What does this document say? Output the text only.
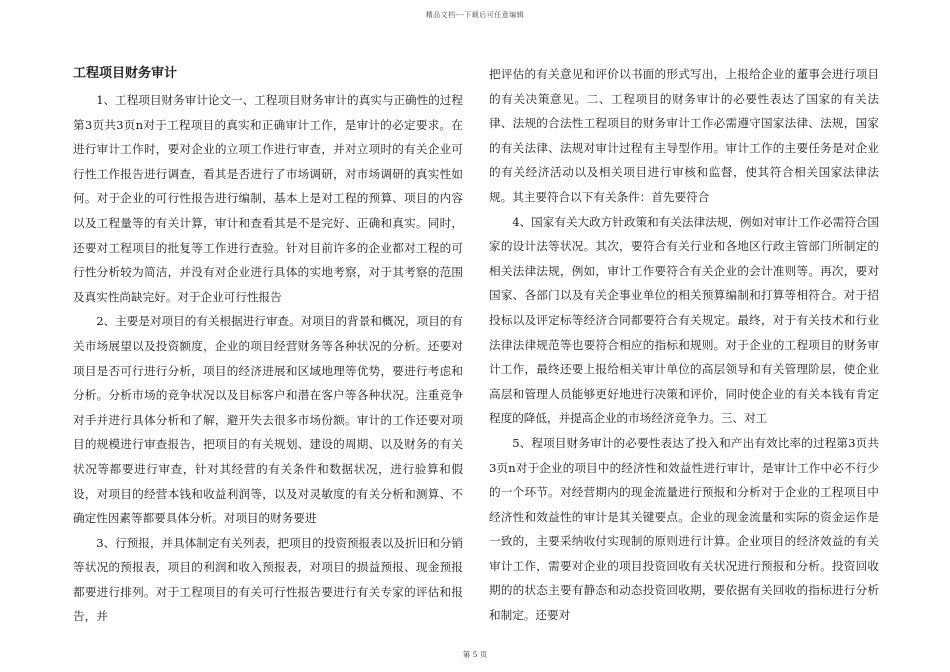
精品文档---下载后可任意编辑
工程项目财务审计

1、工程项目财务审计论文一、工程项目财务审计的真实与正确性的过程第3页共3页n对于工程项目的真实和正确审计工作，是审计的必定要求。在进行审计工作时，要对企业的立项工作进行审查，并对立项时的有关企业可行性工作报告进行调查，看其是否进行了市场调研，对市场调研的真实性如何。对于企业的可行性报告进行编制，基本上是对工程的预算、项目的内容以及工程量等的有关计算，审计和查看其是不是完好、正确和真实。同时，还要对工程项目的批复等工作进行查验。针对目前许多的企业都对工程的可行性分析较为简洁，并没有对企业进行具体的实地考察，对于其考察的范围及真实性尚缺完好。对于企业可行性报告

2、主要是对项目的有关根据进行审查。对项目的背景和概况，项目的有关市场展望以及投资额度，企业的项目经营财务等各种状况的分析。还要对项目是否可行进行分析，项目的经济进展和区域地理等优势，要进行考虑和分析。分析市场的竞争状况以及目标客户和潜在客户等各种状况。注重竞争对手并进行具体分析和了解，避开失去很多市场份额。审计的工作还要对项目的规模进行审查报告，把项目的有关规划、建设的周期、以及财务的有关状况等都要进行审查，针对其经营的有关条件和数据状况，进行验算和假设，对项目的经营本钱和收益利润等，以及对灵敏度的有关分析和测算、不确定性因素等都要具体分析。对项目的财务要进

3、行预报，并具体制定有关列表，把项目的投资预报表以及折旧和分销等状况的预报表，项目的利润和收入预报表，对项目的损益预报、现金预报都要进行排列。对于工程项目的有关可行性报告要进行有关专家的评估和报告，并

把评估的有关意见和评价以书面的形式写出，上报给企业的董事会进行项目的有关决策意见。二、工程项目的财务审计的必要性表达了国家的有关法律、法规的合法性工程项目的财务审计工作必需遵守国家法律、法规，国家的有关法律、法规对审计过程有主导型作用。审计工作的主要任务是对企业的有关经济活动以及相关项目进行审核和监督，使其符合相关国家法律法规。其主要符合以下有关条件：首先要符合

4、国家有关大政方针政策和有关法律法规，例如对审计工作必需符合国家的设计法等状况。其次，要符合有关行业和各地区行政主管部门所制定的相关法律法规，例如，审计工作要符合有关企业的会计准则等。再次，要对国家、各部门以及有关企事业单位的相关预算编制和打算等相符合。对于招投标以及评定标等经济合同都要符合有关规定。最终，对于有关技术和行业法律法律规范等也要符合相应的指标和规则。对于企业的工程项目的财务审计工作，最终还要上报给相关审计单位的高层领导和有关管理阶层，使企业高层和管理人员能够更好地进行决策和评价，同时使企业的有关本钱有肯定程度的降低，并提高企业的市场经济竞争力。三、对工

5、程项目财务审计的必要性表达了投入和产出有效比率的过程第3页共3页n对于企业的项目中的经济性和效益性进行审计，是审计工作中必不行少的一个环节。对经营期内的现金流量进行预报和分析对于企业的工程项目中经济性和效益性的审计是其关键要点。企业的现金流量和实际的资金运作是一致的，主要采纳收付实现制的原则进行计算。企业项目的经济效益的有关审计工作，需要对企业的项目投资回收有关状况进行预报和分析。投资回收期的的状态主要有静态和动态投资回收期，要依据有关回收的指标进行分析和制定。还要对

第 5 页
